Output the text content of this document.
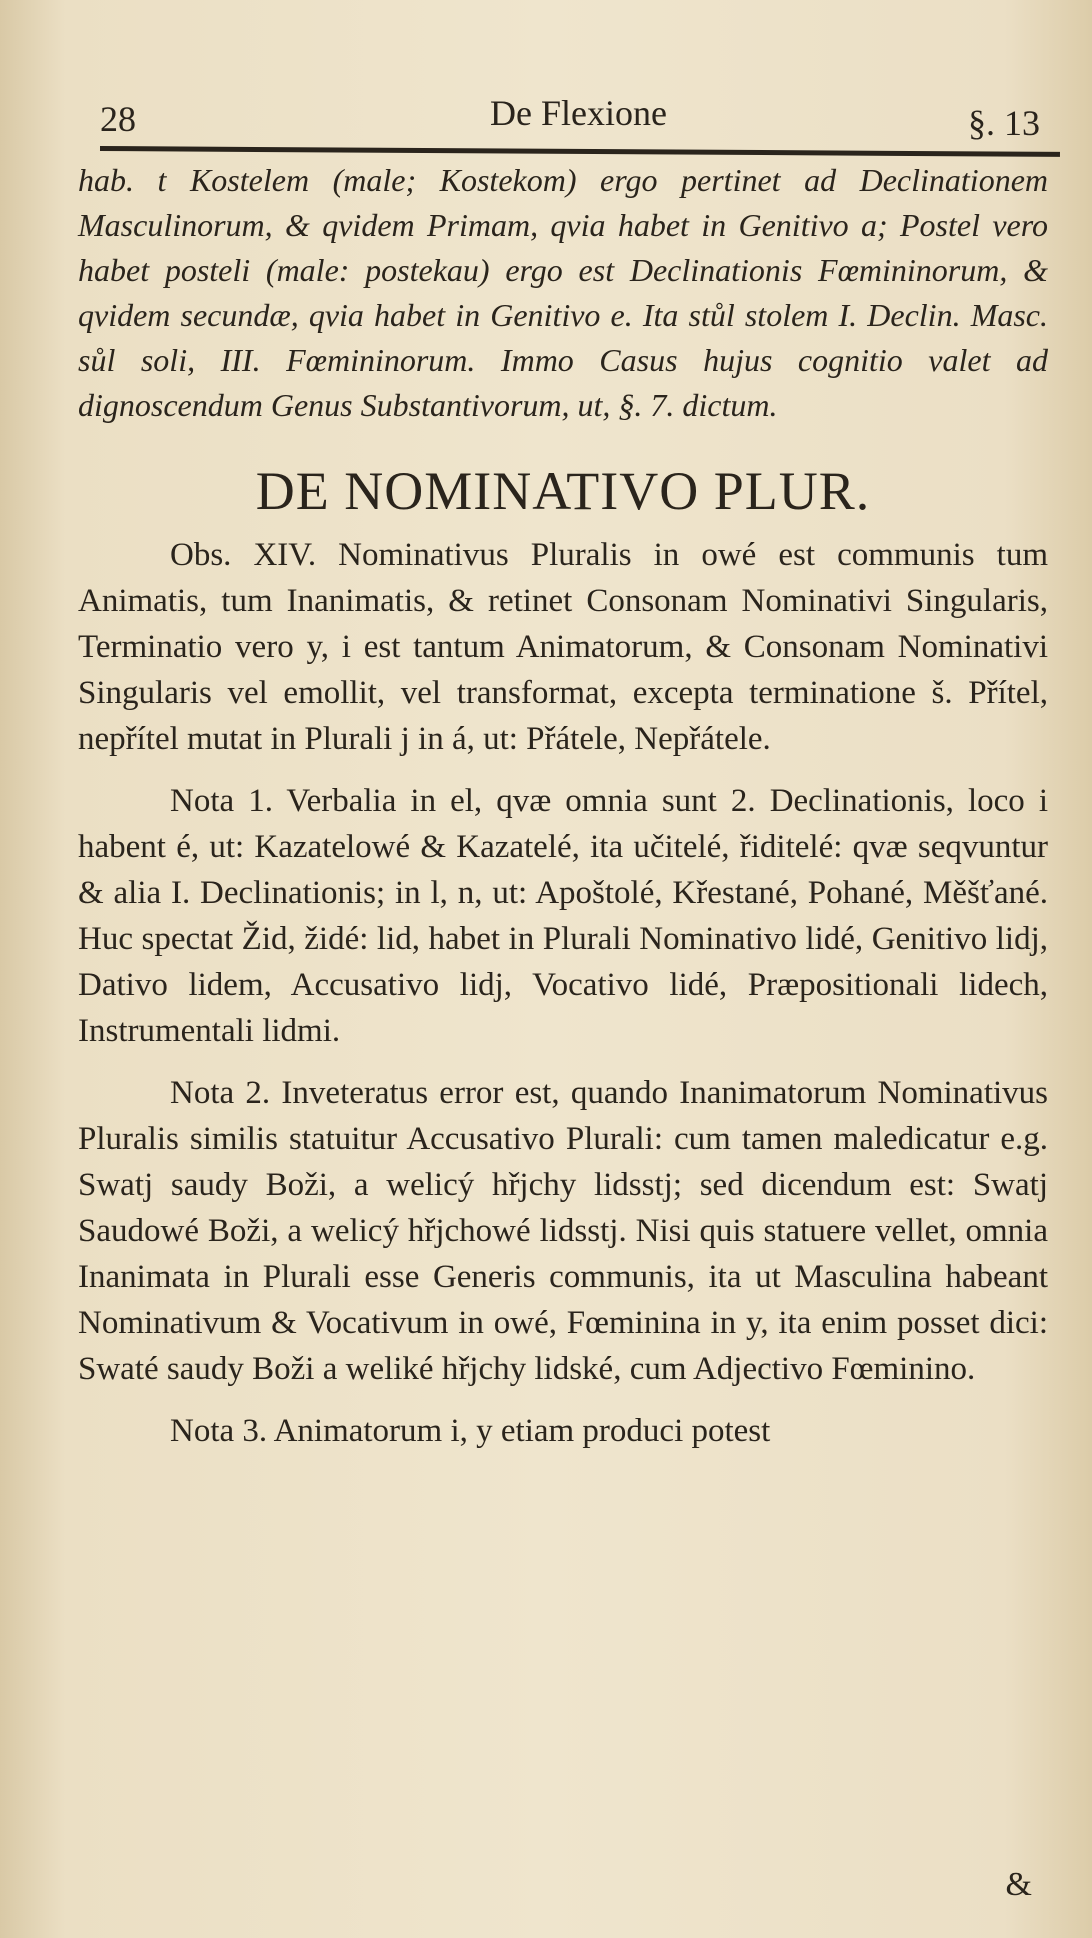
28	De Flexione	§. 13

hab. t Kostelem (male; Kostekom) ergo pertinet ad Declinationem Masculinorum, & qvidem Primam, qvia habet in Genitivo a; Postel vero habet posteli (male: postekau) ergo est Declinationis Fœmininorum, & qvidem secundæ, qvia habet in Genitivo e. Ita stůl stolem I. Declin. Masc. sůl soli, III. Fœmininorum. Immo Casus hujus cognitio valet ad dignoscendum Genus Substantivorum, ut, §. 7. dictum.

DE NOMINATIVO PLUR.

Obs. XIV. Nominativus Pluralis in owé est communis tum Animatis, tum Inanimatis, & retinet Consonam Nominativi Singularis, Terminatio vero y, i est tantum Animatorum, & Consonam Nominativi Singularis vel emollit, vel transformat, excepta terminatione š. Přítel, nepřítel mutat in Plurali j in á, ut: Přátele, Nepřátele.

Nota 1. Verbalia in el, qvæ omnia sunt 2. Declinationis, loco i habent é, ut: Kazatelowé & Kazatelé, ita učitelé, řiditelé: qvæ seqvuntur & alia I. Declinationis; in l, n, ut: Apoštolé, Křestané, Pohané, Měšťané. Huc spectat Žid, židé: lid, habet in Plurali Nominativo lidé, Genitivo lidj, Dativo lidem, Accusativo lidj, Vocativo lidé, Præpositionali lidech, Instrumentali lidmi.

Nota 2. Inveteratus error est, quando Inanimatorum Nominativus Pluralis similis statuitur Accusativo Plurali: cum tamen maledicatur e.g. Swatj saudy Boži, a welicý hřjchy lidsstj; sed dicendum est: Swatj Saudowé Boži, a welicý hřjchowé lidsstj. Nisi quis statuere vellet, omnia Inanimata in Plurali esse Generis communis, ita ut Masculina habeant Nominativum & Vocativum in owé, Fœminina in y, ita enim posset dici: Swaté saudy Boži a weliké hřjchy lidské, cum Adjectivo Fœminino.

Nota 3. Animatorum i, y etiam produci potest

&
